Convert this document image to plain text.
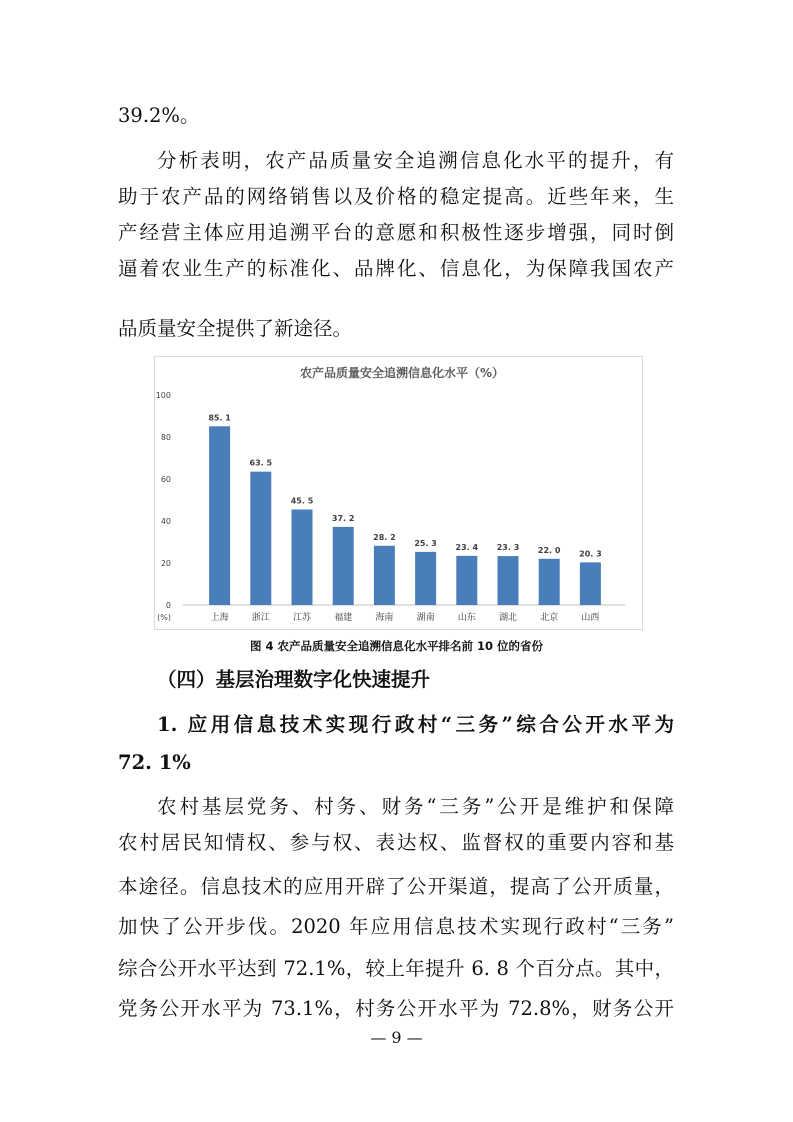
39.2%。
分析表明，农产品质量安全追溯信息化水平的提升，有
助于农产品的网络销售以及价格的稳定提高。近些年来，生
产经营主体应用追溯平台的意愿和积极性逐步增强，同时倒
逼着农业生产的标准化、品牌化、信息化，为保障我国农产
品质量安全提供了新途径。
农产品质量安全追溯信息化水平（%）
0
20
40
60
80
100
(%)
85. 1
上海
63. 5
浙江
45. 5
江苏
37. 2
福建
28. 2
海南
25. 3
湖南
23. 4
山东
23. 3
湖北
22. 0
北京
20. 3
山西
图 4 农产品质量安全追溯信息化水平排名前 10 位的省份
（四）基层治理数字化快速提升
1. 应用信息技术实现行政村“三务”综合公开水平为
72. 1%
农村基层党务、村务、财务“三务”公开是维护和保障
农村居民知情权、参与权、表达权、监督权的重要内容和基
本途径。信息技术的应用开辟了公开渠道，提高了公开质量，
加快了公开步伐。2020 年应用信息技术实现行政村“三务”
综合公开水平达到 72.1%，较上年提升 6. 8 个百分点。其中，
党务公开水平为 73.1%，村务公开水平为 72.8%，财务公开
— 9 —
